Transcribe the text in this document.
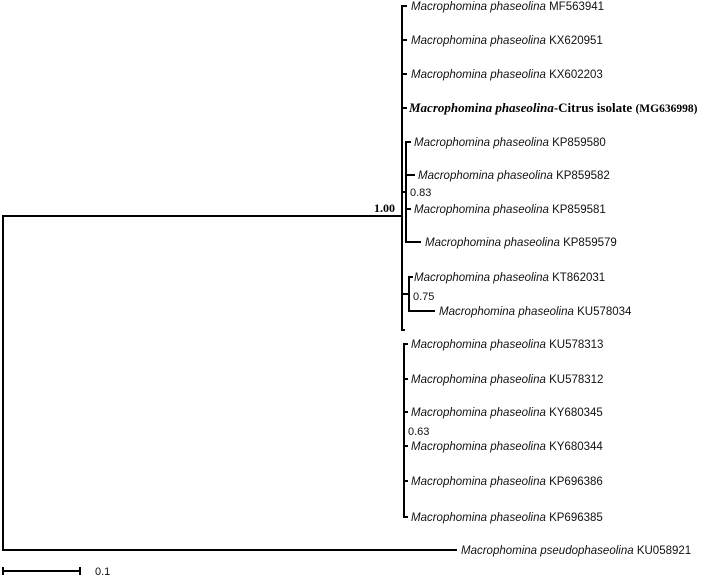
Macrophomina phaseolina MF563941
Macrophomina phaseolina KX620951
Macrophomina phaseolina KX602203
Macrophomina phaseolina-Citrus isolate (MG636998)
Macrophomina phaseolina KP859580
Macrophomina phaseolina KP859582
Macrophomina phaseolina KP859581
Macrophomina phaseolina KP859579
Macrophomina phaseolina KT862031
Macrophomina phaseolina KU578034
Macrophomina phaseolina KU578313
Macrophomina phaseolina KU578312
Macrophomina phaseolina KY680345
Macrophomina phaseolina KY680344
Macrophomina phaseolina KP696386
Macrophomina phaseolina KP696385
Macrophomina pseudophaseolina KU058921
1.00
0.83
0.75
0.63
0.1
